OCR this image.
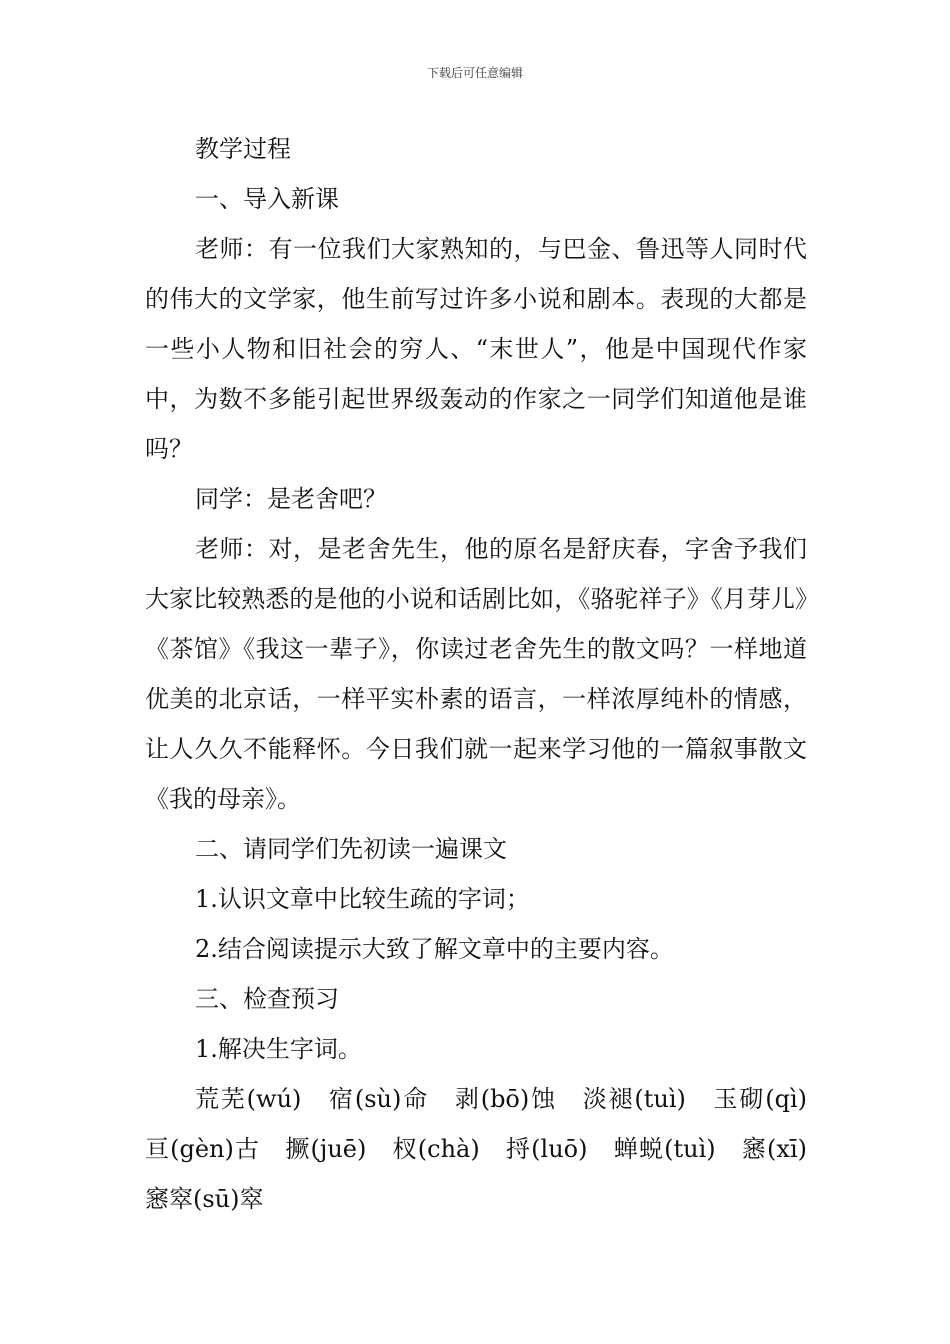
下载后可任意编辑

教学过程

一、导入新课

老师：有一位我们大家熟知的，与巴金、鲁迅等人同时代的伟大的文学家，他生前写过许多小说和剧本。表现的大都是一些小人物和旧社会的穷人、“末世人”，他是中国现代作家中，为数不多能引起世界级轰动的作家之一同学们知道他是谁吗？

同学：是老舍吧？

老师：对，是老舍先生，他的原名是舒庆春，字舍予我们大家比较熟悉的是他的小说和话剧比如，《骆驼祥子》《月芽儿》《茶馆》《我这一辈子》，你读过老舍先生的散文吗？一样地道优美的北京话，一样平实朴素的语言，一样浓厚纯朴的情感，让人久久不能释怀。今日我们就一起来学习他的一篇叙事散文《我的母亲》。

二、请同学们先初读一遍课文

1.认识文章中比较生疏的字词；

2.结合阅读提示大致了解文章中的主要内容。

三、检查预习

1.解决生字词。

荒芜(wú)　宿(sù)命　剥(bō)蚀　淡褪(tuì)　玉砌(qì)　亘(gèn)古　撅(juē)　杈(chà)　捋(luō)　蝉蜕(tuì)　窸(xī)窸窣(sū)窣
